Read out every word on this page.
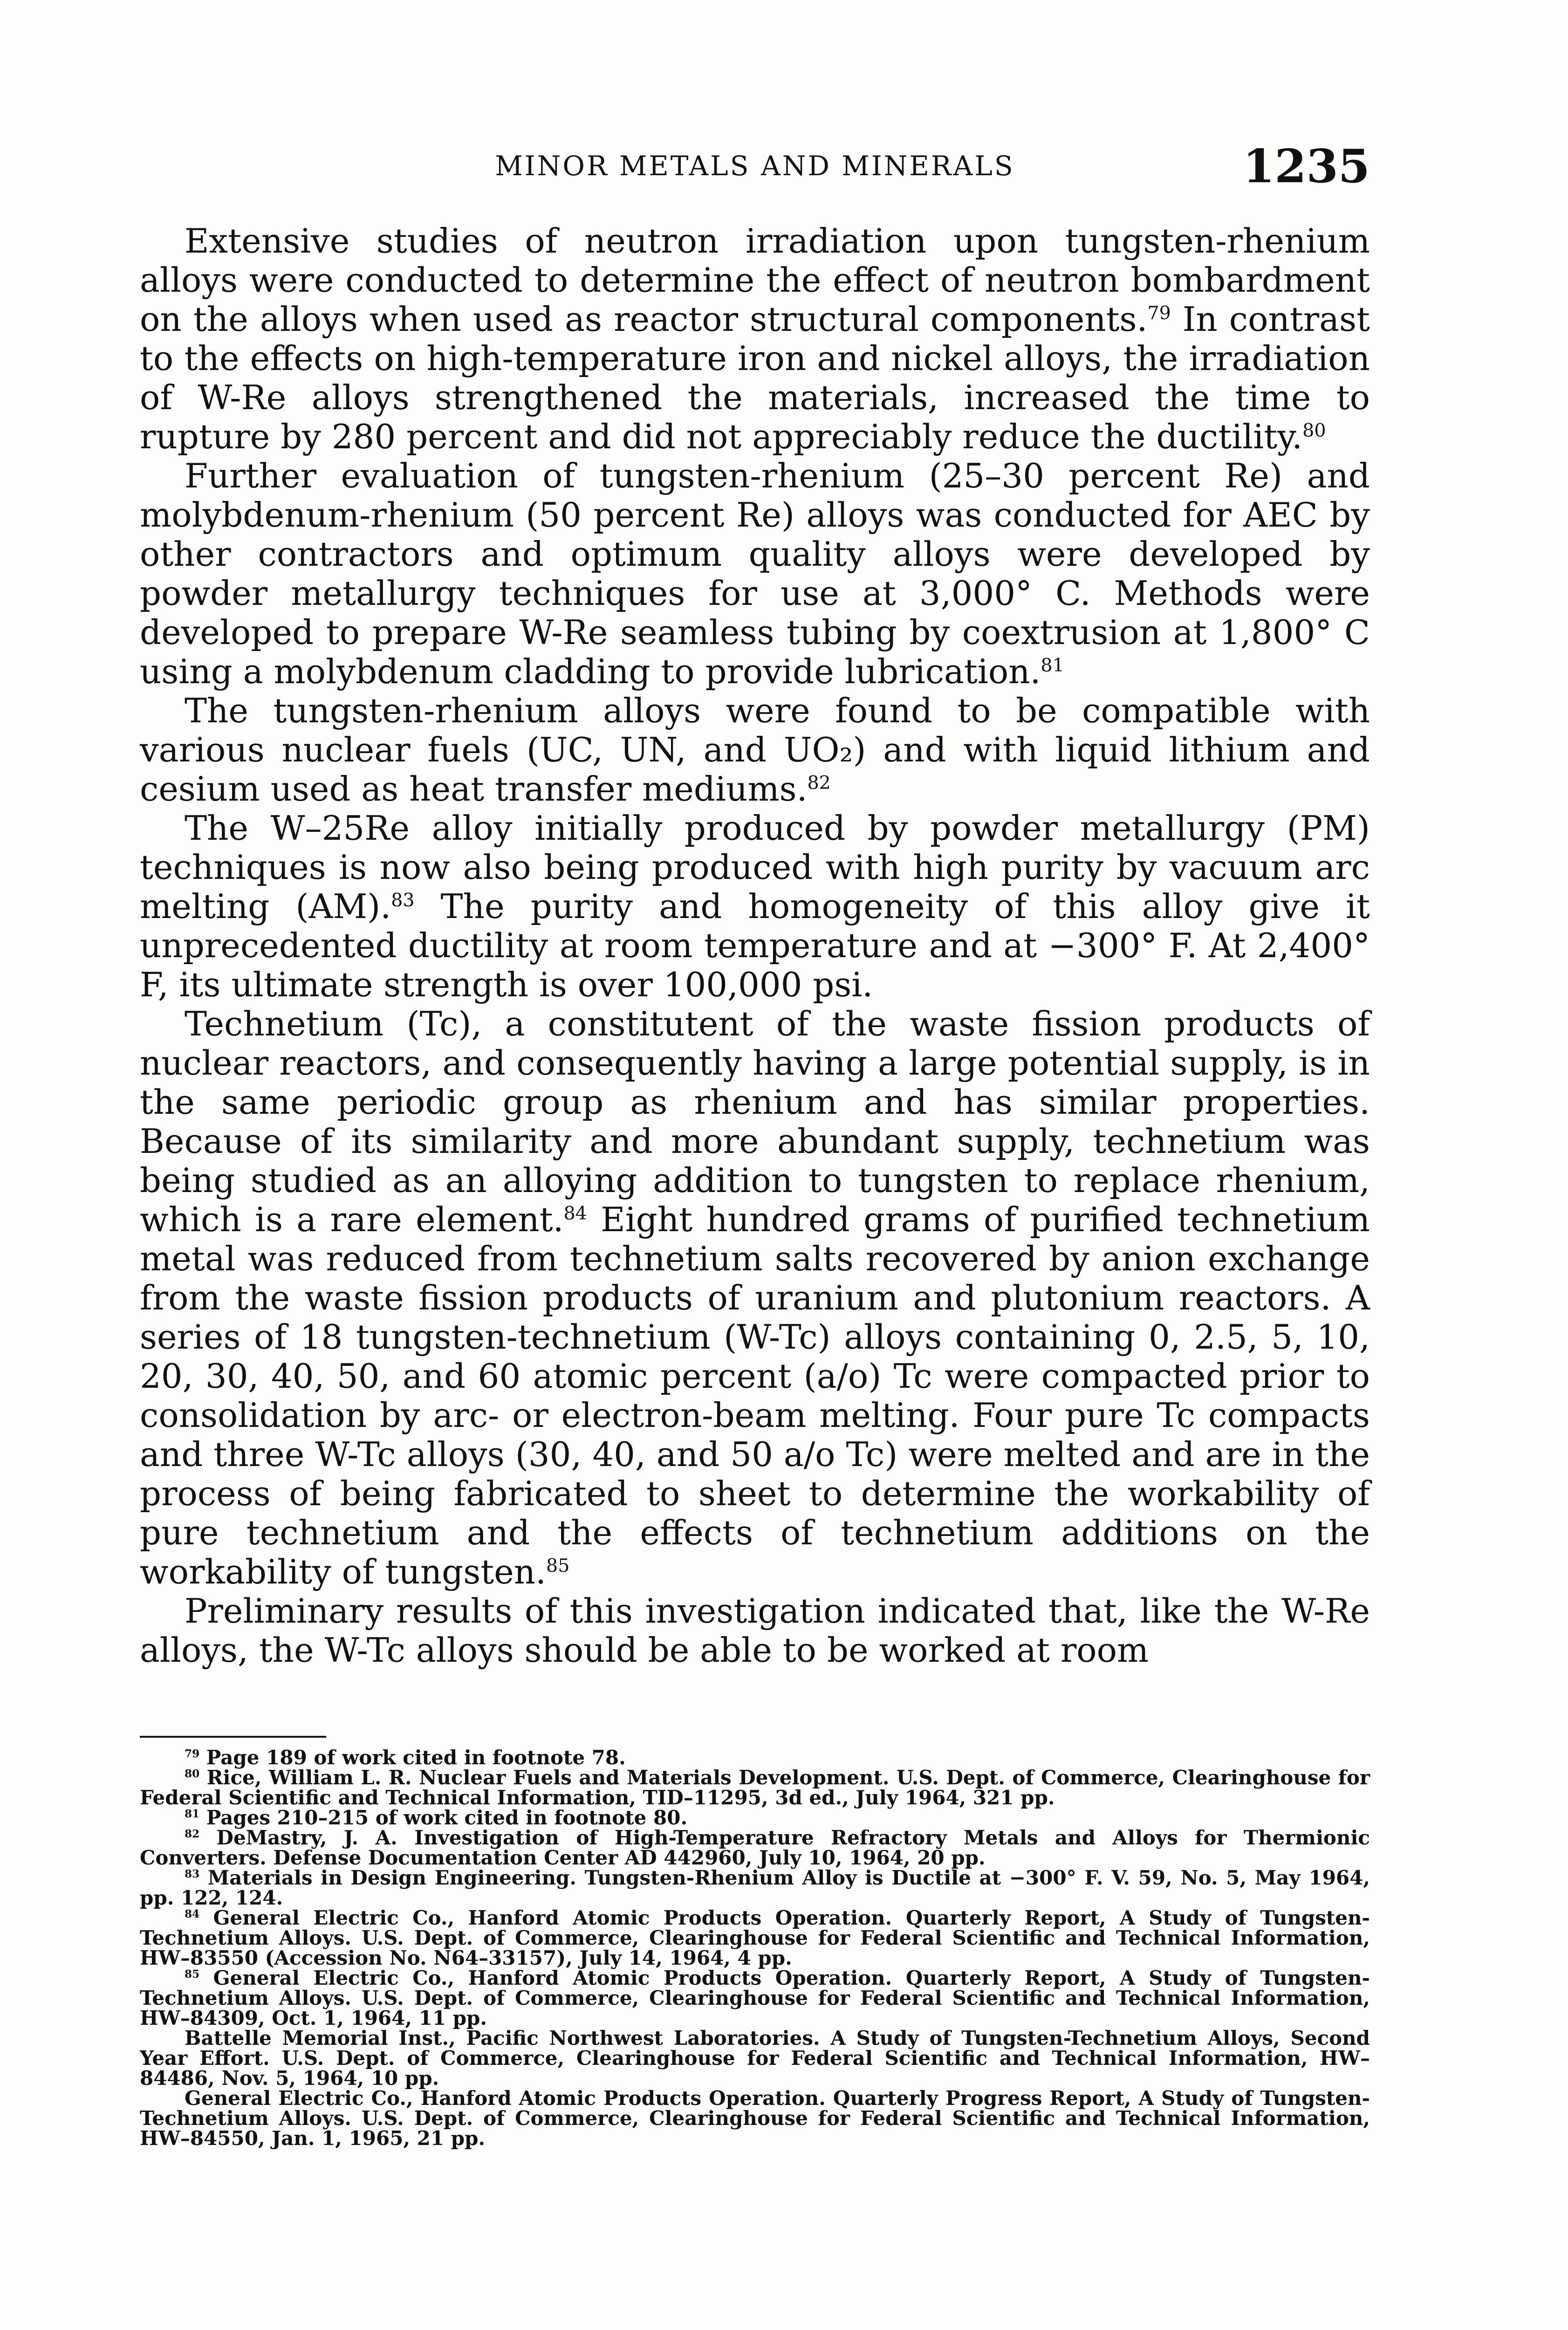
MINOR METALS AND MINERALS	1235

Extensive studies of neutron irradiation upon tungsten-rhenium alloys were conducted to determine the effect of neutron bombardment on the alloys when used as reactor structural components.$^{79}$ In contrast to the effects on high-temperature iron and nickel alloys, the irradiation of W-Re alloys strengthened the materials, increased the time to rupture by 280 percent and did not appreciably reduce the ductility.$^{80}$

Further evaluation of tungsten-rhenium (25–30 percent Re) and molybdenum-rhenium (50 percent Re) alloys was conducted for AEC by other contractors and optimum quality alloys were developed by powder metallurgy techniques for use at 3,000° C. Methods were developed to prepare W-Re seamless tubing by coextrusion at 1,800° C using a molybdenum cladding to provide lubrication.$^{81}$

The tungsten-rhenium alloys were found to be compatible with various nuclear fuels (UC, UN, and UO₂) and with liquid lithium and cesium used as heat transfer mediums.$^{82}$

The W–25Re alloy initially produced by powder metallurgy (PM) techniques is now also being produced with high purity by vacuum arc melting (AM).$^{83}$ The purity and homogeneity of this alloy give it unprecedented ductility at room temperature and at −300° F. At 2,400° F, its ultimate strength is over 100,000 psi.

Technetium (Tc), a constitutent of the waste fission products of nuclear reactors, and consequently having a large potential supply, is in the same periodic group as rhenium and has similar properties. Because of its similarity and more abundant supply, technetium was being studied as an alloying addition to tungsten to replace rhenium, which is a rare element.$^{84}$ Eight hundred grams of purified technetium metal was reduced from technetium salts recovered by anion exchange from the waste fission products of uranium and plutonium reactors. A series of 18 tungsten-technetium (W-Tc) alloys containing 0, 2.5, 5, 10, 20, 30, 40, 50, and 60 atomic percent (a/o) Tc were compacted prior to consolidation by arc- or electron-beam melting. Four pure Tc compacts and three W-Tc alloys (30, 40, and 50 a/o Tc) were melted and are in the process of being fabricated to sheet to determine the workability of pure technetium and the effects of technetium additions on the workability of tungsten.$^{85}$

Preliminary results of this investigation indicated that, like the W-Re alloys, the W-Tc alloys should be able to be worked at room

$^{79}$ Page 189 of work cited in footnote 78.

$^{80}$ Rice, William L. R. Nuclear Fuels and Materials Development. U.S. Dept. of Commerce, Clearinghouse for Federal Scientific and Technical Information, TID–11295, 3d ed., July 1964, 321 pp.

$^{81}$ Pages 210–215 of work cited in footnote 80.

$^{82}$ DeMastry, J. A. Investigation of High-Temperature Refractory Metals and Alloys for Thermionic Converters. Defense Documentation Center AD 442960, July 10, 1964, 20 pp.

$^{83}$ Materials in Design Engineering. Tungsten-Rhenium Alloy is Ductile at −300° F. V. 59, No. 5, May 1964, pp. 122, 124.

$^{84}$ General Electric Co., Hanford Atomic Products Operation. Quarterly Report, A Study of Tungsten-Technetium Alloys. U.S. Dept. of Commerce, Clearinghouse for Federal Scientific and Technical Information, HW–83550 (Accession No. N64–33157), July 14, 1964, 4 pp.

$^{85}$ General Electric Co., Hanford Atomic Products Operation. Quarterly Report, A Study of Tungsten-Technetium Alloys. U.S. Dept. of Commerce, Clearinghouse for Federal Scientific and Technical Information, HW–84309, Oct. 1, 1964, 11 pp.

Battelle Memorial Inst., Pacific Northwest Laboratories. A Study of Tungsten-Technetium Alloys, Second Year Effort. U.S. Dept. of Commerce, Clearinghouse for Federal Scientific and Technical Information, HW–84486, Nov. 5, 1964, 10 pp.

General Electric Co., Hanford Atomic Products Operation. Quarterly Progress Report, A Study of Tungsten-Technetium Alloys. U.S. Dept. of Commerce, Clearinghouse for Federal Scientific and Technical Information, HW–84550, Jan. 1, 1965, 21 pp.
